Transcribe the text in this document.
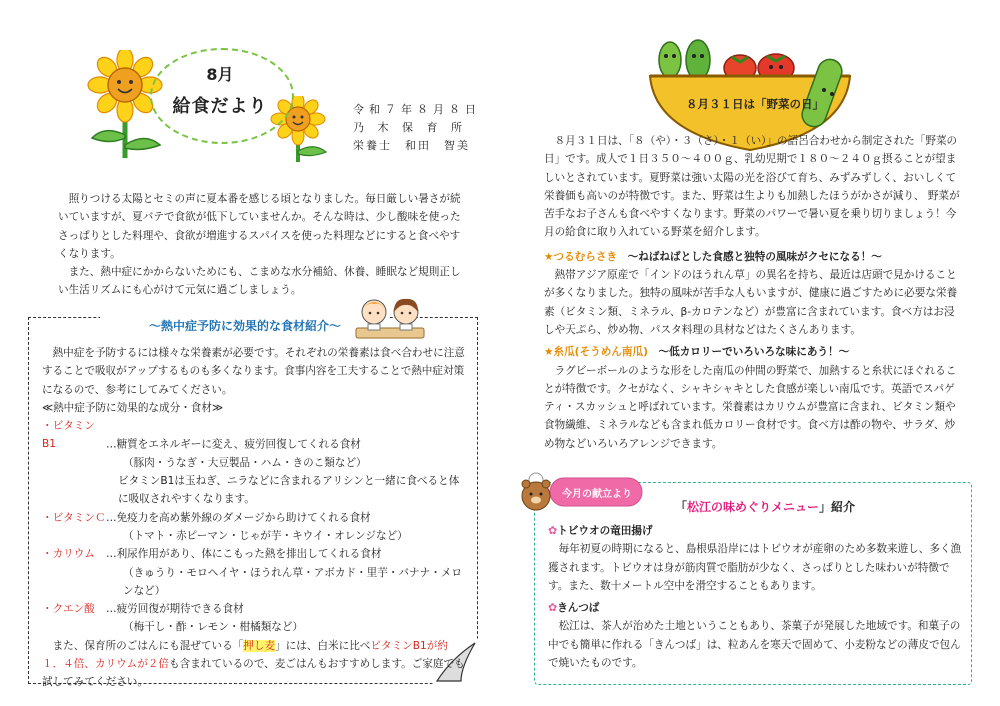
8月
給食だより	令和７年８月８日
乃 木 保 育 所
栄養士　和田　智美
照りつける太陽とセミの声に夏本番を感じる頃となりました。毎日厳しい暑さが続いていますが、夏バテで食欲が低下していませんか。そんな時は、少し酸味を使ったさっぱりとした料理や、食欲が増進するスパイスを使った料理などにすると食べやすくなります。
また、熱中症にかからないためにも、こまめな水分補給、休養、睡眠など規則正しい生活リズムにも心がけて元気に過ごしましょう。
～熱中症予防に効果的な食材紹介～
熱中症を予防するには様々な栄養素が必要です。それぞれの栄養素は食べ合わせに注意することで吸収がアップするものも多くなります。食事内容を工夫することで熱中症対策になるので、参考にしてみてください。
≪熱中症予防に効果的な成分・食材≫
・ビタミンB1	…糖質をエネルギーに変え、疲労回復してくれる食材
（豚肉・うなぎ・大豆製品・ハム・きのこ類など）
ビタミンB1は玉ねぎ、ニラなどに含まれるアリシンと一緒に食べると体に吸収されやすくなります。
・ビタミンＣ…免疫力を高め紫外線のダメージから助けてくれる食材
（トマト・赤ピーマン・じゃが芋・キウイ・オレンジなど）
・カリウム …利尿作用があり、体にこもった熱を排出してくれる食材
（きゅうり・モロヘイヤ・ほうれん草・アボカド・里芋・バナナ・メロンなど）
・クエン酸 …疲労回復が期待できる食材
（梅干し・酢・レモン・柑橘類など）
また、保育所のごはんにも混ぜている「押し麦」には、白米に比べビタミンB1が約１．４倍、カリウムが２倍も含まれているので、麦ごはんもおすすめします。ご家庭でも試してみてください。
８月３１日は「野菜の日」
８月３１日は、「８（や）・３（さ）・１（い）」の語呂合わせから制定された「野菜の日」です。成人で１日３５０～４００ｇ、乳幼児期で１８０～２４０ｇ摂ることが望ましいとされています。夏野菜は強い太陽の光を浴びて育ち、みずみずしく、おいしくて栄養価も高いのが特徴です。また、野菜は生よりも加熱したほうがかさが減り、 野菜が苦手なお子さんも食べやすくなります。野菜のパワーで暑い夏を乗り切りましょう！今月の給食に取り入れている野菜を紹介します。
★つるむらさき　 ～ねばねばとした食感と独特の風味がクセになる！～
熱帯アジア原産で「インドのほうれん草」の異名を持ち、最近は店頭で見かけることが多くなりました。独特の風味が苦手な人もいますが、健康に過ごすために必要な栄養素（ビタミン類、ミネラル、β-カロテンなど）が豊富に含まれています。食べ方はお浸しや天ぷら、炒め物、パスタ料理の具材などはたくさんあります。
★糸瓜(そうめん南瓜)　 ～低カロリーでいろいろな味にあう！～
ラグビーボールのような形をした南瓜の仲間の野菜で、加熱すると糸状にほぐれることが特徴です。クセがなく、シャキシャキとした食感が楽しい南瓜です。英語でスパゲティ・スカッシュと呼ばれています。栄養素はカリウムが豊富に含まれ、ビタミン類や食物繊維、ミネラルなども含まれ低カロリー食材です。食べ方は酢の物や、サラダ、炒め物などいろいろアレンジできます。
今月の献立より
「松江の味めぐりメニュー」紹介
✿トビウオの竜田揚げ
毎年初夏の時期になると、島根県沿岸にはトビウオが産卵のため多数来遊し、多く漁獲されます。トビウオは身が筋肉質で脂肪が少なく、さっぱりとした味わいが特徴です。また、数十メートル空中を滑空することもあります。
✿きんつば
松江は、茶人が治めた土地ということもあり、茶菓子が発展した地域です。和菓子の中でも簡単に作れる「きんつば」は、粒あんを寒天で固めて、小麦粉などの薄皮で包んで焼いたものです。
